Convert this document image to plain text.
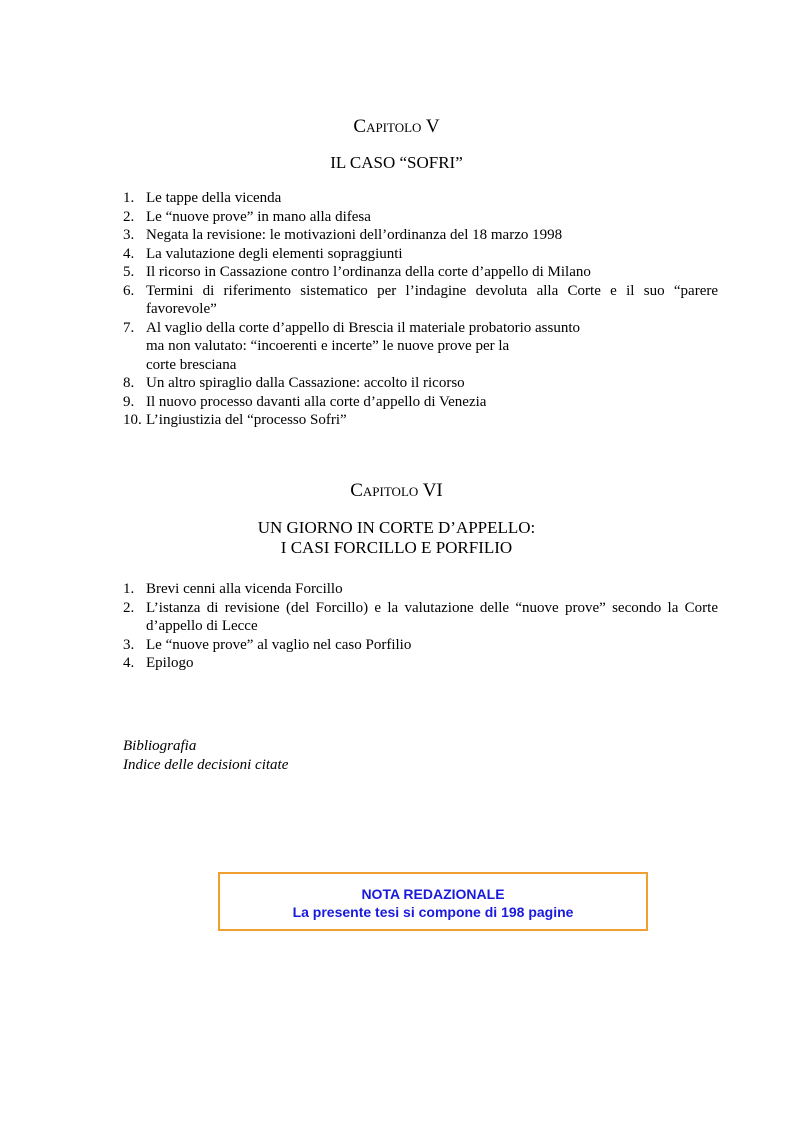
Capitolo V
IL CASO “SOFRI”
1. Le tappe della vicenda
2. Le “nuove prove” in mano alla difesa
3. Negata la revisione: le motivazioni dell’ordinanza del 18 marzo 1998
4. La valutazione degli elementi sopraggiunti
5. Il ricorso in Cassazione contro l’ordinanza della corte d’appello di Milano
6. Termini di riferimento sistematico per l’indagine devoluta alla Corte e il suo “parere favorevole”
7. Al vaglio della corte d’appello di Brescia il materiale probatorio assunto
ma non valutato: “incoerenti e incerte” le nuove prove per la
corte bresciana
8. Un altro spiraglio dalla Cassazione: accolto il ricorso
9. Il nuovo processo davanti alla corte d’appello di Venezia
10. L’ingiustizia del “processo Sofri”
Capitolo VI
UN GIORNO IN CORTE D’APPELLO:
I CASI FORCILLO E PORFILIO
1. Brevi cenni alla vicenda Forcillo
2. L’istanza di revisione (del Forcillo) e la valutazione delle “nuove prove” secondo la Corte d’appello di Lecce
3. Le “nuove prove” al vaglio nel caso Porfilio
4. Epilogo
Bibliografia
Indice delle decisioni citate
NOTA REDAZIONALE
La presente tesi si compone di 198 pagine
